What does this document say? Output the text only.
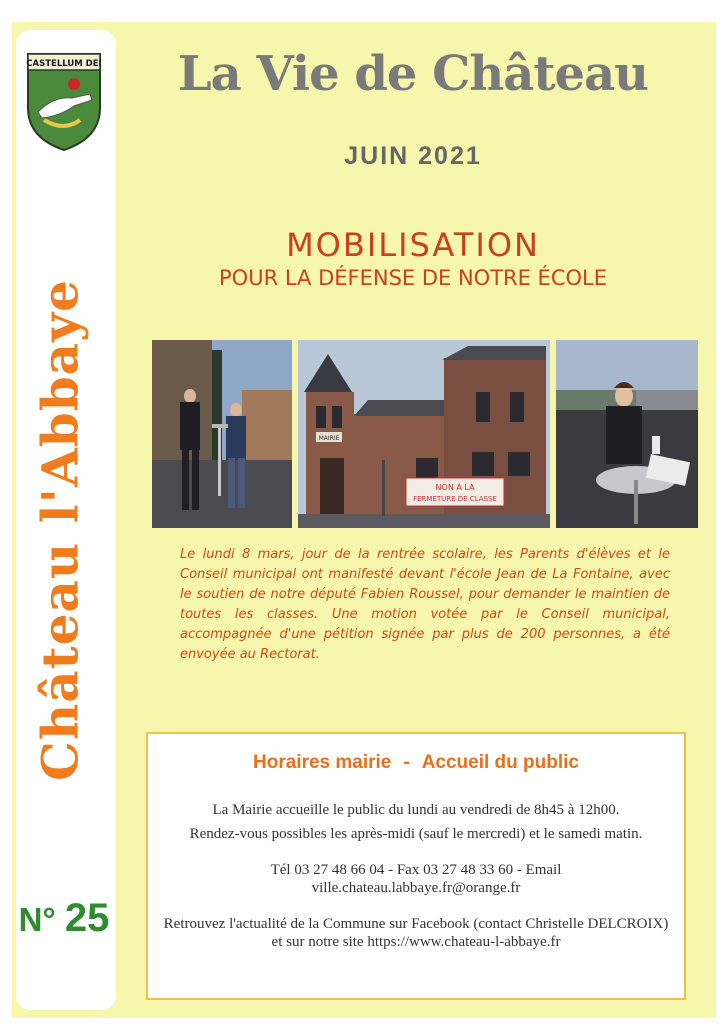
CASTELLUM DEI
Château l'Abbaye
N° 25
La Vie de Château
JUIN 2021
MOBILISATION
POUR LA DÉFENSE DE NOTRE ÉCOLE
MAIRIE
NON À LA
FERMETURE DE CLASSE
Le lundi 8 mars, jour de la rentrée scolaire, les Parents d'élèves et le Conseil municipal ont manifesté devant l'école Jean de La Fontaine, avec le soutien de notre député Fabien Roussel, pour demander le maintien de toutes les classes. Une motion votée par le Conseil municipal, accompagnée d'une pétition signée par plus de 200 personnes, a été envoyée au Rectorat.
Horaires mairie - Accueil du public
La Mairie accueille le public du lundi au vendredi de 8h45 à 12h00.
Rendez-vous possibles les après-midi (sauf le mercredi) et le samedi matin.
Tél 03 27 48 66 04 - Fax 03 27 48 33 60 - Email
ville.chateau.labbaye.fr@orange.fr
Retrouvez l'actualité de la Commune sur Facebook (contact Christelle DELCROIX)
et sur notre site https://www.chateau-l-abbaye.fr
